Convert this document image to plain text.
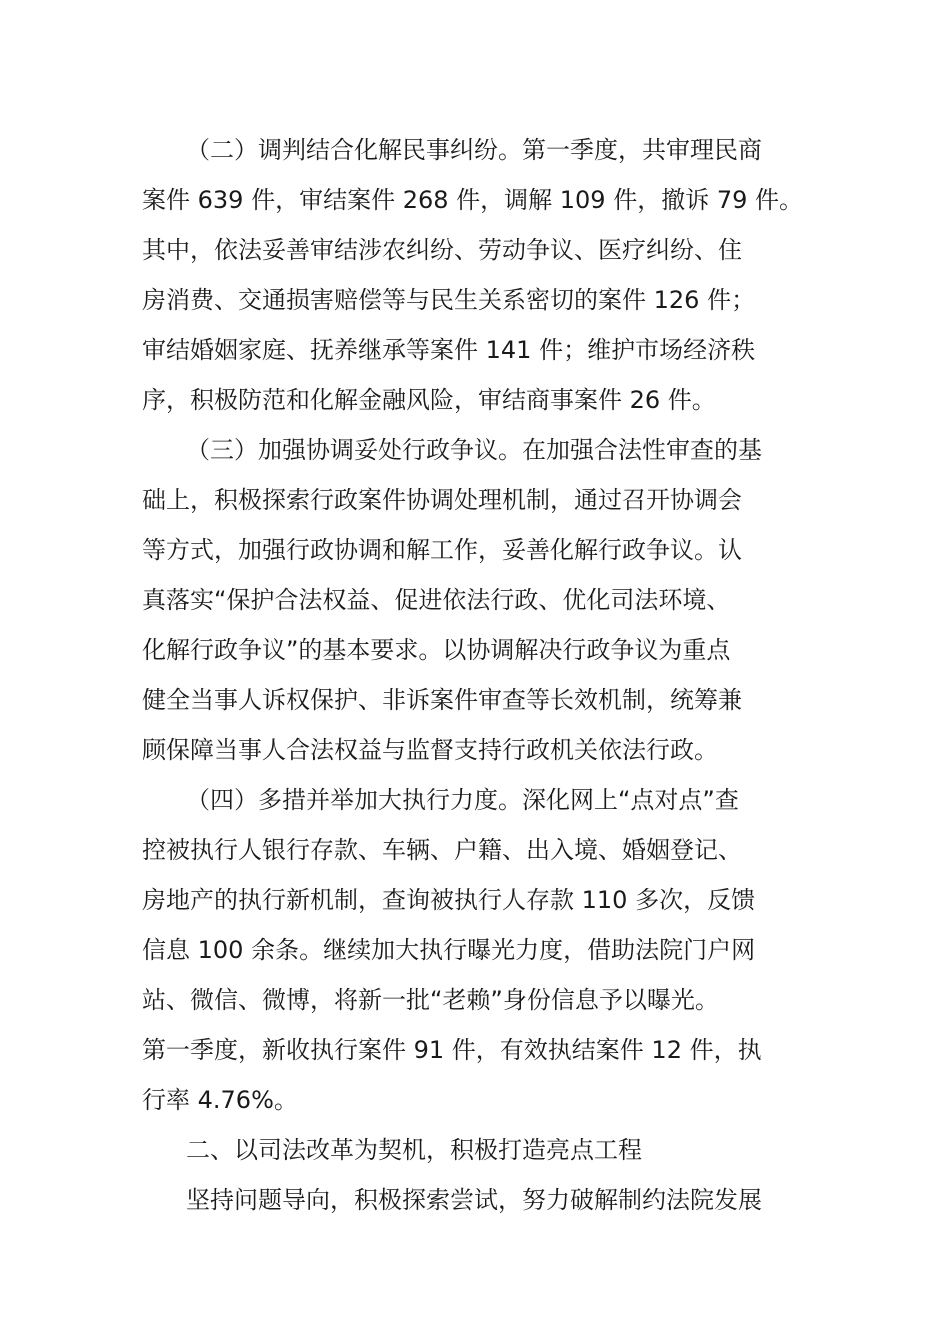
（二）调判结合化解民事纠纷。第一季度，共审理民商

案件 639 件，审结案件 268 件，调解 109 件，撤诉 79 件。

其中，依法妥善审结涉农纠纷、劳动争议、医疗纠纷、住

房消费、交通损害赔偿等与民生关系密切的案件 126 件；

审结婚姻家庭、抚养继承等案件 141 件；维护市场经济秩

序，积极防范和化解金融风险，审结商事案件 26 件。

（三）加强协调妥处行政争议。在加强合法性审查的基

础上，积极探索行政案件协调处理机制，通过召开协调会

等方式，加强行政协调和解工作，妥善化解行政争议。认

真落实“保护合法权益、促进依法行政、优化司法环境、

化解行政争议”的基本要求。以协调解决行政争议为重点

健全当事人诉权保护、非诉案件审查等长效机制，统筹兼

顾保障当事人合法权益与监督支持行政机关依法行政。

（四）多措并举加大执行力度。深化网上“点对点”查

控被执行人银行存款、车辆、户籍、出入境、婚姻登记、

房地产的执行新机制，查询被执行人存款 110 多次，反馈

信息 100 余条。继续加大执行曝光力度，借助法院门户网

站、微信、微博，将新一批“老赖”身份信息予以曝光。

第一季度，新收执行案件 91 件，有效执结案件 12 件，执

行率 4.76%。

二、以司法改革为契机，积极打造亮点工程

坚持问题导向，积极探索尝试，努力破解制约法院发展
